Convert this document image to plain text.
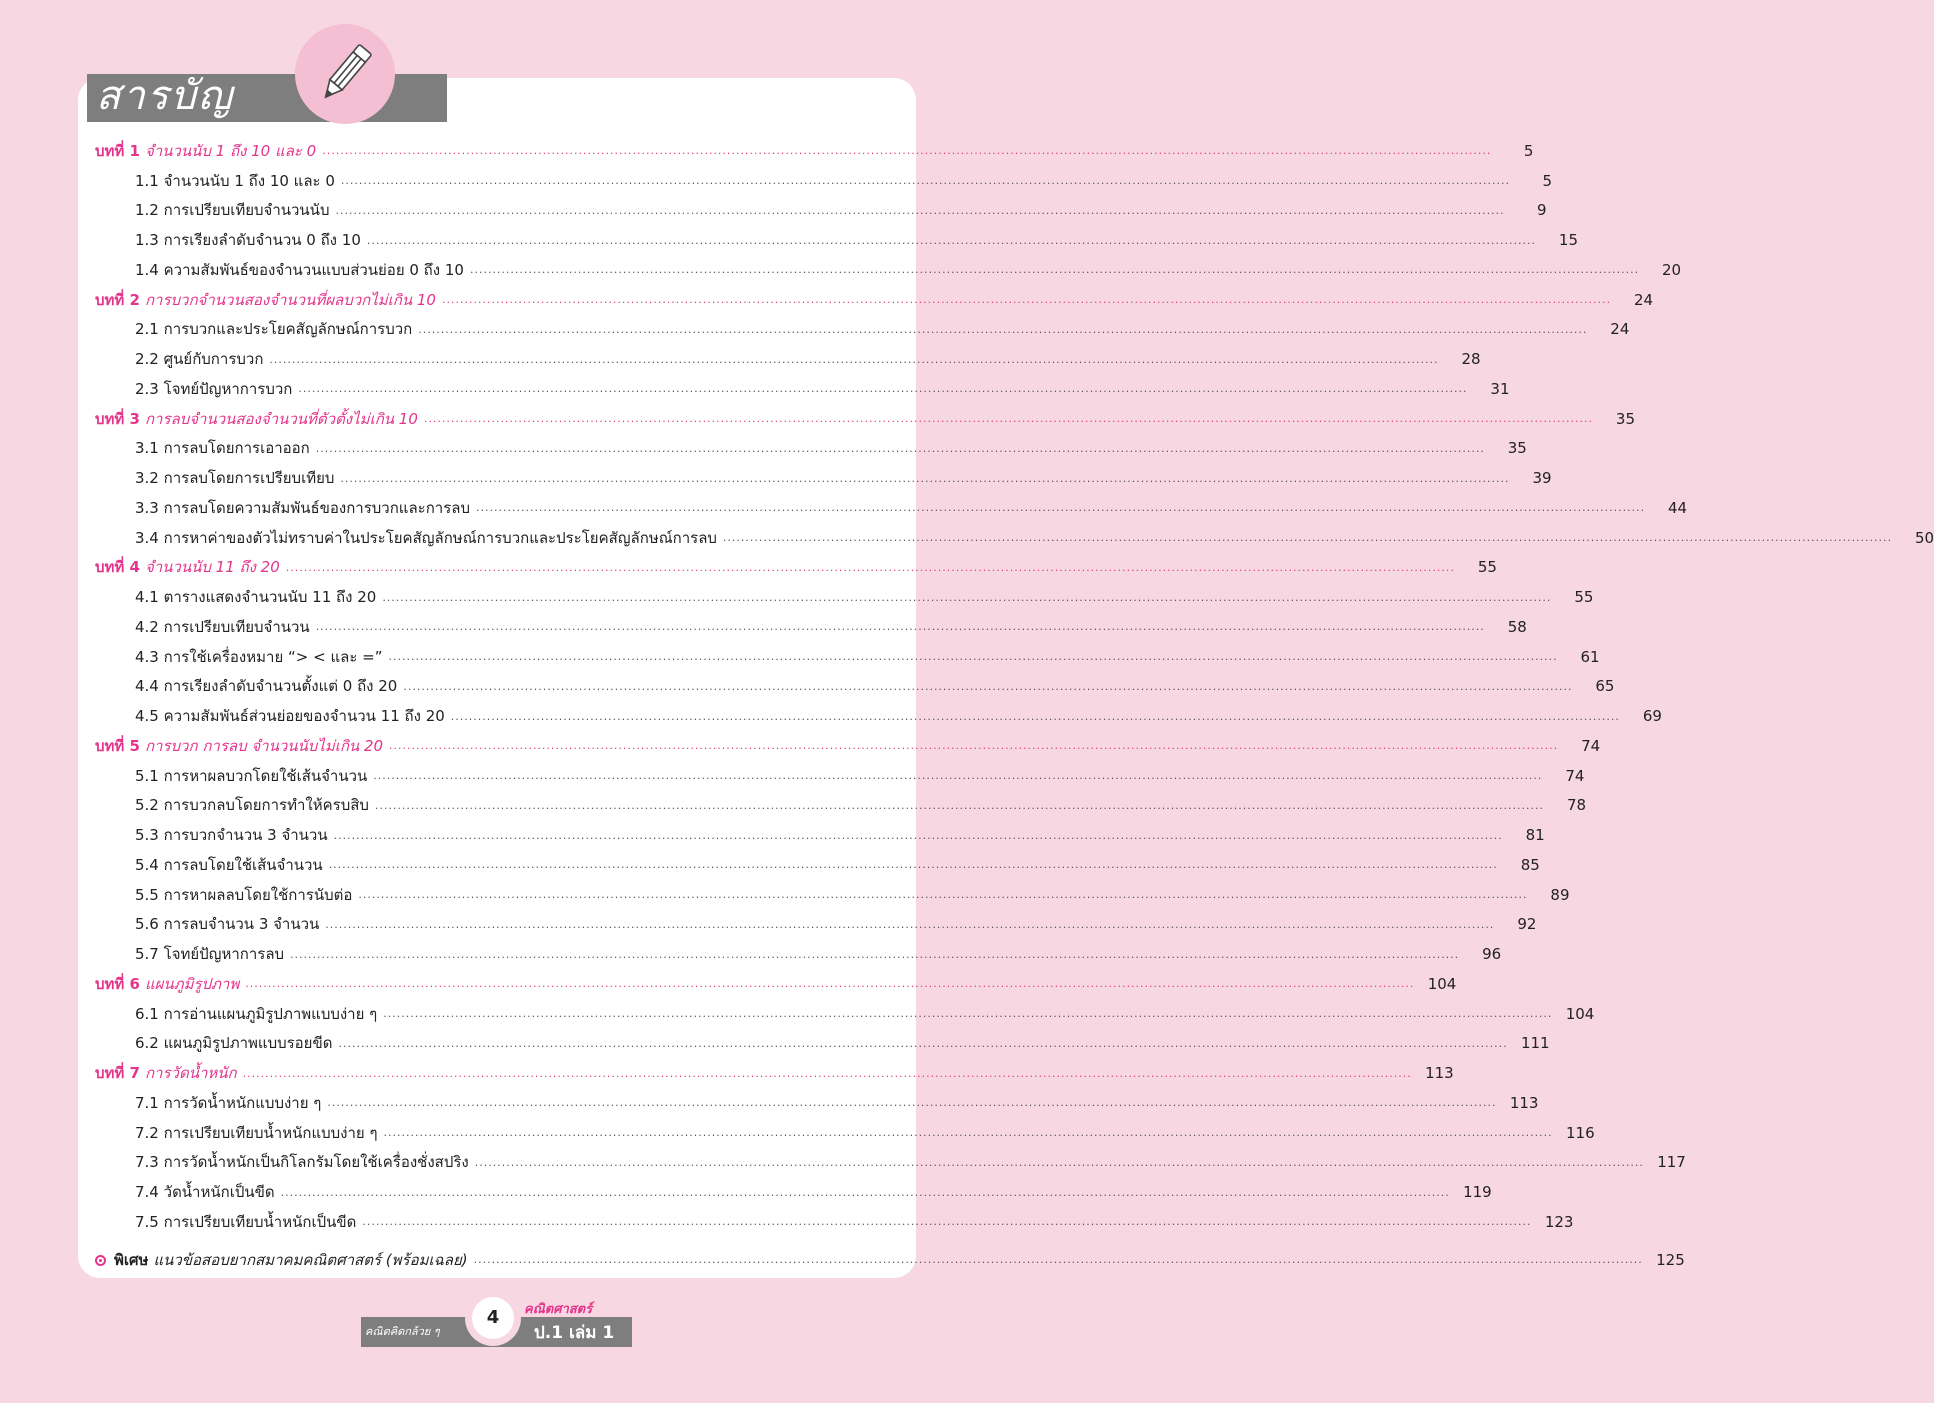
สารบัญ
บทที่ 1 จำนวนนับ 1 ถึง 10 และ 0 ....................................................................................................................................................................................................................................................................	5
1.1 จำนวนนับ 1 ถึง 10 และ 0 ....................................................................................................................................................................................................................................................................	5
1.2 การเปรียบเทียบจำนวนนับ ....................................................................................................................................................................................................................................................................	9
1.3 การเรียงลำดับจำนวน 0 ถึง 10 ....................................................................................................................................................................................................................................................................	15
1.4 ความสัมพันธ์ของจำนวนแบบส่วนย่อย 0 ถึง 10 ....................................................................................................................................................................................................................................................................	20
บทที่ 2 การบวกจำนวนสองจำนวนที่ผลบวกไม่เกิน 10 ....................................................................................................................................................................................................................................................................	24
2.1 การบวกและประโยคสัญลักษณ์การบวก ....................................................................................................................................................................................................................................................................	24
2.2 ศูนย์กับการบวก ....................................................................................................................................................................................................................................................................	28
2.3 โจทย์ปัญหาการบวก ....................................................................................................................................................................................................................................................................	31
บทที่ 3 การลบจำนวนสองจำนวนที่ตัวตั้งไม่เกิน 10 ....................................................................................................................................................................................................................................................................	35
3.1 การลบโดยการเอาออก ....................................................................................................................................................................................................................................................................	35
3.2 การลบโดยการเปรียบเทียบ ....................................................................................................................................................................................................................................................................	39
3.3 การลบโดยความสัมพันธ์ของการบวกและการลบ ....................................................................................................................................................................................................................................................................	44
3.4 การหาค่าของตัวไม่ทราบค่าในประโยคสัญลักษณ์การบวกและประโยคสัญลักษณ์การลบ ....................................................................................................................................................................................................................................................................	50
บทที่ 4 จำนวนนับ 11 ถึง 20 ....................................................................................................................................................................................................................................................................	55
4.1 ตารางแสดงจำนวนนับ 11 ถึง 20 ....................................................................................................................................................................................................................................................................	55
4.2 การเปรียบเทียบจำนวน ....................................................................................................................................................................................................................................................................	58
4.3 การใช้เครื่องหมาย “> < และ =” ....................................................................................................................................................................................................................................................................	61
4.4 การเรียงลำดับจำนวนตั้งแต่ 0 ถึง 20 ....................................................................................................................................................................................................................................................................	65
4.5 ความสัมพันธ์ส่วนย่อยของจำนวน 11 ถึง 20 ....................................................................................................................................................................................................................................................................	69
บทที่ 5 การบวก การลบ จำนวนนับไม่เกิน 20 ....................................................................................................................................................................................................................................................................	74
5.1 การหาผลบวกโดยใช้เส้นจำนวน ....................................................................................................................................................................................................................................................................	74
5.2 การบวกลบโดยการทำให้ครบสิบ ....................................................................................................................................................................................................................................................................	78
5.3 การบวกจำนวน 3 จำนวน ....................................................................................................................................................................................................................................................................	81
5.4 การลบโดยใช้เส้นจำนวน ....................................................................................................................................................................................................................................................................	85
5.5 การหาผลลบโดยใช้การนับต่อ ....................................................................................................................................................................................................................................................................	89
5.6 การลบจำนวน 3 จำนวน ....................................................................................................................................................................................................................................................................	92
5.7 โจทย์ปัญหาการลบ ....................................................................................................................................................................................................................................................................	96
บทที่ 6 แผนภูมิรูปภาพ .................................................................................................................................................................................................................................................................... 104
6.1 การอ่านแผนภูมิรูปภาพแบบง่าย ๆ .................................................................................................................................................................................................................................................................... 104
6.2 แผนภูมิรูปภาพแบบรอยขีด .................................................................................................................................................................................................................................................................... 111
บทที่ 7 การวัดน้ำหนัก .................................................................................................................................................................................................................................................................... 113
7.1 การวัดน้ำหนักแบบง่าย ๆ .................................................................................................................................................................................................................................................................... 113
7.2 การเปรียบเทียบน้ำหนักแบบง่าย ๆ .................................................................................................................................................................................................................................................................... 116
7.3 การวัดน้ำหนักเป็นกิโลกรัมโดยใช้เครื่องชั่งสปริง .................................................................................................................................................................................................................................................................... 117
7.4 วัดน้ำหนักเป็นขีด .................................................................................................................................................................................................................................................................... 119
7.5 การเปรียบเทียบน้ำหนักเป็นขีด .................................................................................................................................................................................................................................................................... 123
พิเศษ แนวข้อสอบยากสมาคมคณิตศาสตร์ (พร้อมเฉลย) .................................................................................................................................................................................................................................................................... 125
คณิตคิดกล้วย ๆ
4	คณิตศาสตร์
ป.1 เล่ม 1
